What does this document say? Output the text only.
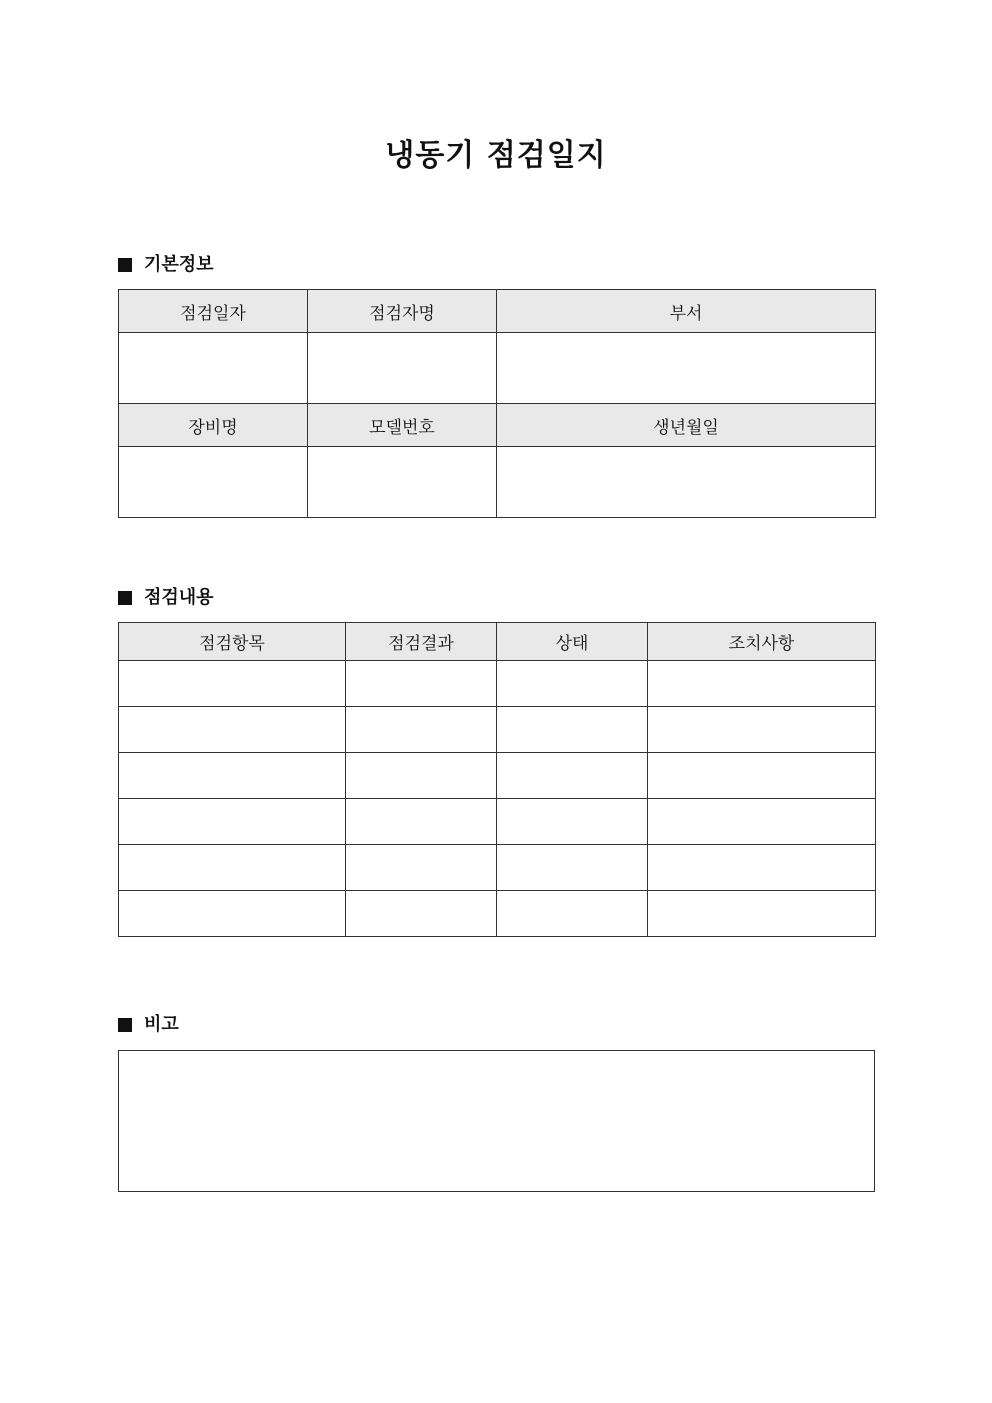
냉동기 점검일지
기본정보
점검일자	점검자명	부서

장비명	모델번호	생년월일

점검내용
점검항목	점검결과	상태	조치사항

비고
